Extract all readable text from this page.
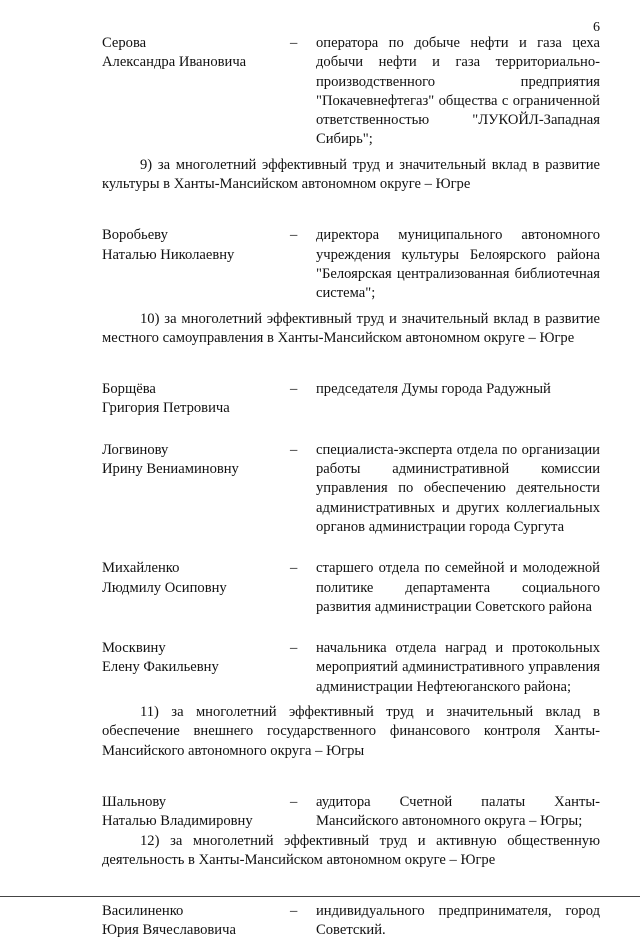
6
Серова
Александра Ивановича
–	оператора по добыче нефти и газа цеха добычи нефти и газа территориально-производственного предприятия "Покачевнефтегаз" общества с ограниченной ответственностью "ЛУКОЙЛ-Западная Сибирь";
9) за многолетний эффективный труд и значительный вклад в развитие культуры в Ханты-Мансийском автономном округе – Югре
Воробьеву
Наталью Николаевну
–	директора муниципального автономного учреждения культуры Белоярского района "Белоярская централизованная библиотечная система";
10) за многолетний эффективный труд и значительный вклад в развитие местного самоуправления в Ханты-Мансийском автономном округе – Югре
Борщёва
Григория Петровича
–	председателя Думы города Радужный
Логвинову
Ирину Вениаминовну
–	специалиста-эксперта отдела по организации работы административной комиссии управления по обеспечению деятельности административных и других коллегиальных органов администрации города Сургута
Михайленко
Людмилу Осиповну
–	старшего отдела по семейной и молодежной политике департамента социального развития администрации Советского района
Москвину
Елену Факильевну
–	начальника отдела наград и протокольных мероприятий административного управления администрации Нефтеюганского района;
11) за многолетний эффективный труд и значительный вклад в обеспечение внешнего государственного финансового контроля Ханты-Мансийского автономного округа – Югры
Шальнову
Наталью Владимировну
–	аудитора Счетной палаты Ханты-Мансийского автономного округа – Югры;
12) за многолетний эффективный труд и активную общественную деятельность в Ханты-Мансийском автономном округе – Югре
Василиненко
Юрия Вячеславовича
–	индивидуального предпринимателя, город Советский.
